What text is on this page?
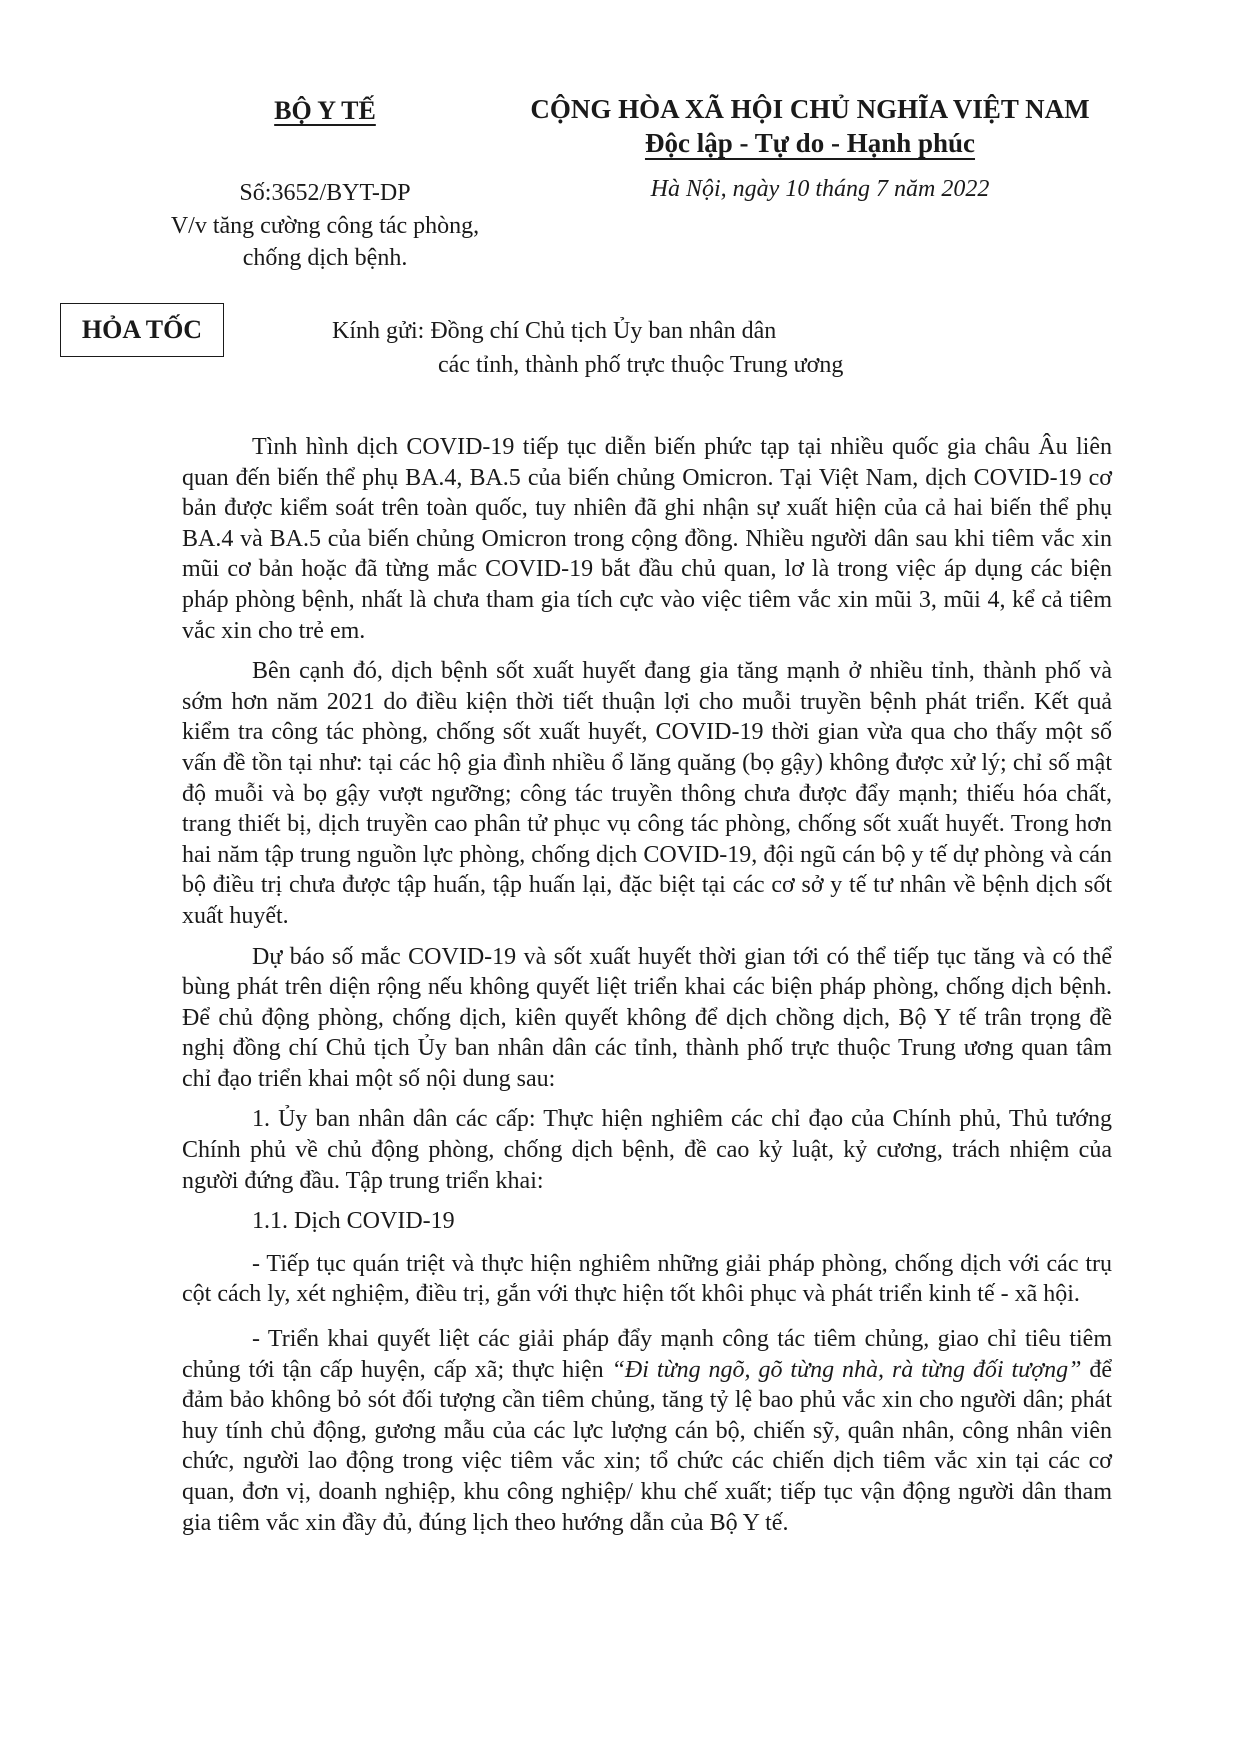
BỘ Y TẾ
Số:3652/BYT-DP
V/v tăng cường công tác phòng, chống dịch bệnh.
CỘNG HÒA XÃ HỘI CHỦ NGHĨA VIỆT NAM
Độc lập - Tự do - Hạnh phúc
Hà Nội, ngày 10 tháng 7 năm 2022
HỎA TỐC	Kính gửi: Đồng chí Chủ tịch Ủy ban nhân dân
các tỉnh, thành phố trực thuộc Trung ương

Tình hình dịch COVID-19 tiếp tục diễn biến phức tạp tại nhiều quốc gia châu Âu liên quan đến biến thể phụ BA.4, BA.5 của biến chủng Omicron. Tại Việt Nam, dịch COVID-19 cơ bản được kiểm soát trên toàn quốc, tuy nhiên đã ghi nhận sự xuất hiện của cả hai biến thể phụ BA.4 và BA.5 của biến chủng Omicron trong cộng đồng. Nhiều người dân sau khi tiêm vắc xin mũi cơ bản hoặc đã từng mắc COVID-19 bắt đầu chủ quan, lơ là trong việc áp dụng các biện pháp phòng bệnh, nhất là chưa tham gia tích cực vào việc tiêm vắc xin mũi 3, mũi 4, kể cả tiêm vắc xin cho trẻ em.

Bên cạnh đó, dịch bệnh sốt xuất huyết đang gia tăng mạnh ở nhiều tỉnh, thành phố và sớm hơn năm 2021 do điều kiện thời tiết thuận lợi cho muỗi truyền bệnh phát triển. Kết quả kiểm tra công tác phòng, chống sốt xuất huyết, COVID-19 thời gian vừa qua cho thấy một số vấn đề tồn tại như: tại các hộ gia đình nhiều ổ lăng quăng (bọ gậy) không được xử lý; chỉ số mật độ muỗi và bọ gậy vượt ngưỡng; công tác truyền thông chưa được đẩy mạnh; thiếu hóa chất, trang thiết bị, dịch truyền cao phân tử phục vụ công tác phòng, chống sốt xuất huyết. Trong hơn hai năm tập trung nguồn lực phòng, chống dịch COVID-19, đội ngũ cán bộ y tế dự phòng và cán bộ điều trị chưa được tập huấn, tập huấn lại, đặc biệt tại các cơ sở y tế tư nhân về bệnh dịch sốt xuất huyết.

Dự báo số mắc COVID-19 và sốt xuất huyết thời gian tới có thể tiếp tục tăng và có thể bùng phát trên diện rộng nếu không quyết liệt triển khai các biện pháp phòng, chống dịch bệnh. Để chủ động phòng, chống dịch, kiên quyết không để dịch chồng dịch, Bộ Y tế trân trọng đề nghị đồng chí Chủ tịch Ủy ban nhân dân các tỉnh, thành phố trực thuộc Trung ương quan tâm chỉ đạo triển khai một số nội dung sau:

1. Ủy ban nhân dân các cấp: Thực hiện nghiêm các chỉ đạo của Chính phủ, Thủ tướng Chính phủ về chủ động phòng, chống dịch bệnh, đề cao kỷ luật, kỷ cương, trách nhiệm của người đứng đầu. Tập trung triển khai:

1.1. Dịch COVID-19

- Tiếp tục quán triệt và thực hiện nghiêm những giải pháp phòng, chống dịch với các trụ cột cách ly, xét nghiệm, điều trị, gắn với thực hiện tốt khôi phục và phát triển kinh tế - xã hội.

- Triển khai quyết liệt các giải pháp đẩy mạnh công tác tiêm chủng, giao chỉ tiêu tiêm chủng tới tận cấp huyện, cấp xã; thực hiện “Đi từng ngõ, gõ từng nhà, rà từng đối tượng” để đảm bảo không bỏ sót đối tượng cần tiêm chủng, tăng tỷ lệ bao phủ vắc xin cho người dân; phát huy tính chủ động, gương mẫu của các lực lượng cán bộ, chiến sỹ, quân nhân, công nhân viên chức, người lao động trong việc tiêm vắc xin; tổ chức các chiến dịch tiêm vắc xin tại các cơ quan, đơn vị, doanh nghiệp, khu công nghiệp/ khu chế xuất; tiếp tục vận động người dân tham gia tiêm vắc xin đầy đủ, đúng lịch theo hướng dẫn của Bộ Y tế.
